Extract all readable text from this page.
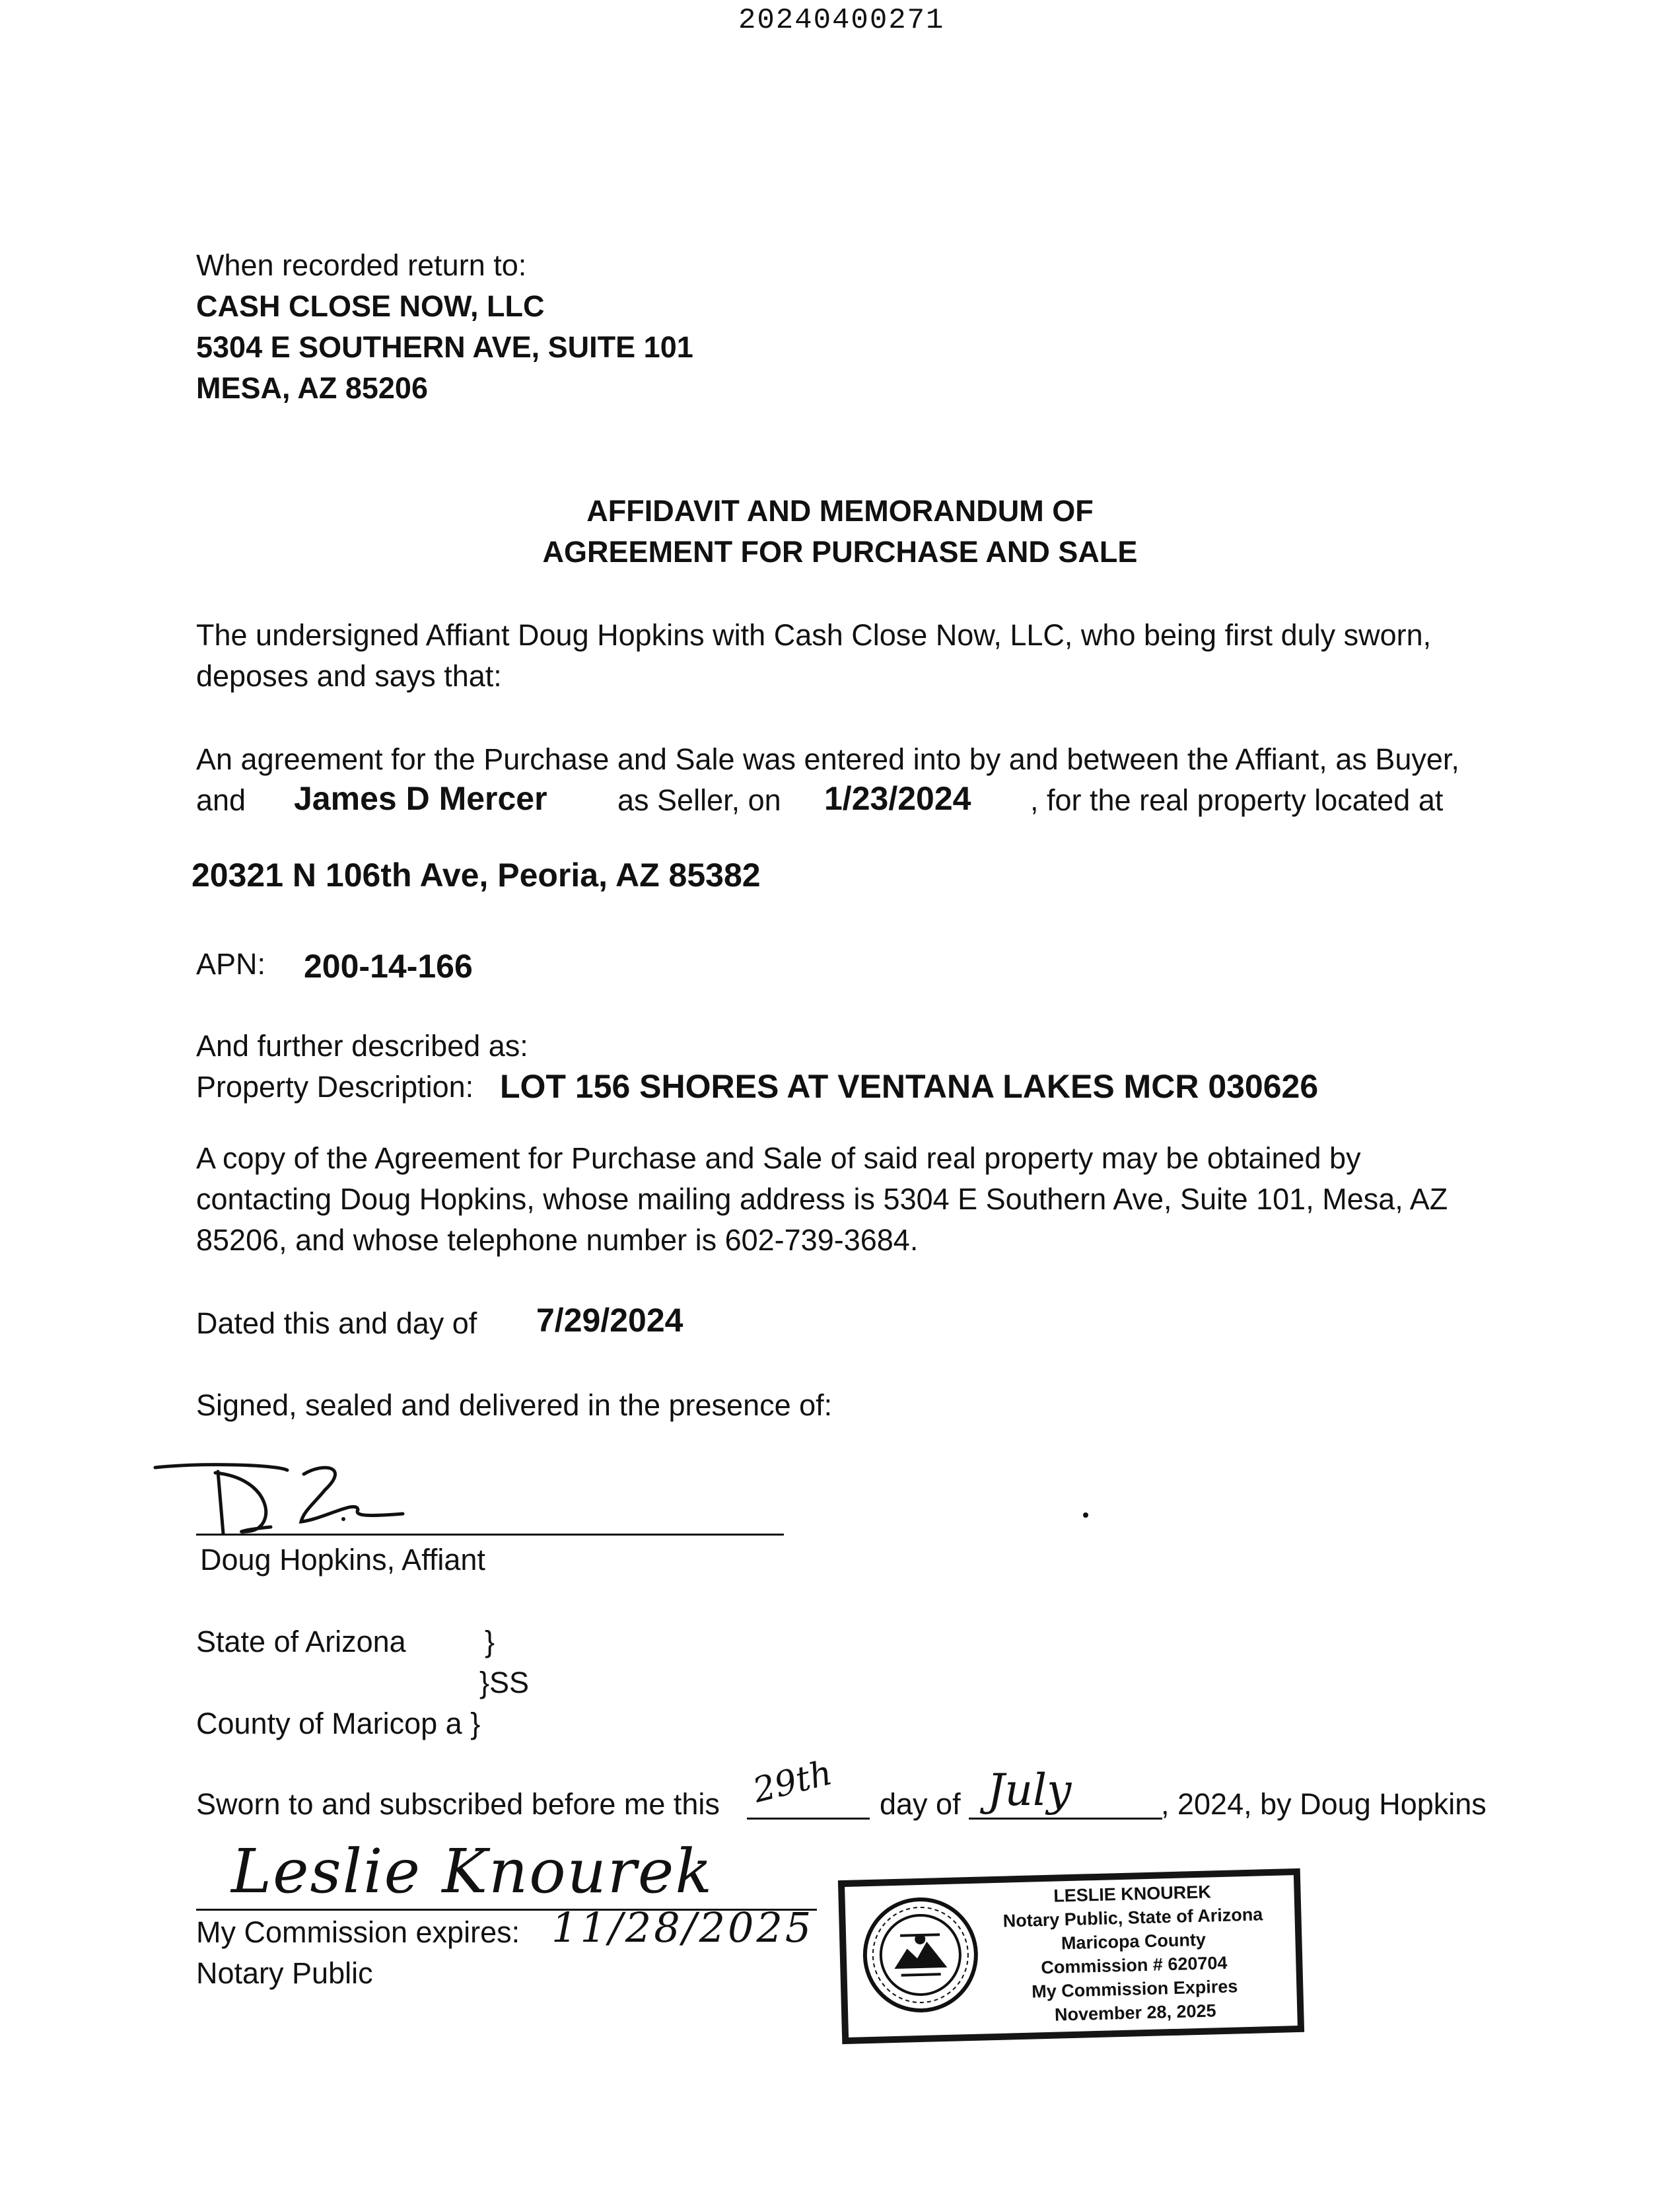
20240400271
When recorded return to:
CASH CLOSE NOW, LLC
5304 E SOUTHERN AVE, SUITE 101
MESA, AZ 85206
AFFIDAVIT AND MEMORANDUM OF
AGREEMENT FOR PURCHASE AND SALE
The undersigned Affiant Doug Hopkins with Cash Close Now, LLC, who being first duly sworn,
deposes and says that:
An agreement for the Purchase and Sale was entered into by and between the Affiant, as Buyer,
and James D Mercer as Seller, on 1/23/2024 , for the real property located at
20321 N 106th Ave, Peoria, AZ 85382
APN: 200-14-166
And further described as:
Property Description: LOT 156 SHORES AT VENTANA LAKES MCR 030626
A copy of the Agreement for Purchase and Sale of said real property may be obtained by
contacting Doug Hopkins, whose mailing address is 5304 E Southern Ave, Suite 101, Mesa, AZ
85206, and whose telephone number is 602-739-3684.
Dated this and day of 7/29/2024
Signed, sealed and delivered in the presence of:
Doug Hopkins, Affiant
State of Arizona	}
}SS
County of Maricop a }
Sworn to and subscribed before me this 29th day of July	, 2024, by Doug Hopkins
Leslie Knourek
My Commission expires: 11/28/2025
Notary Public
LESLIE KNOUREK
Notary Public, State of Arizona
Maricopa County
Commission # 620704
My Commission Expires
November 28, 2025
